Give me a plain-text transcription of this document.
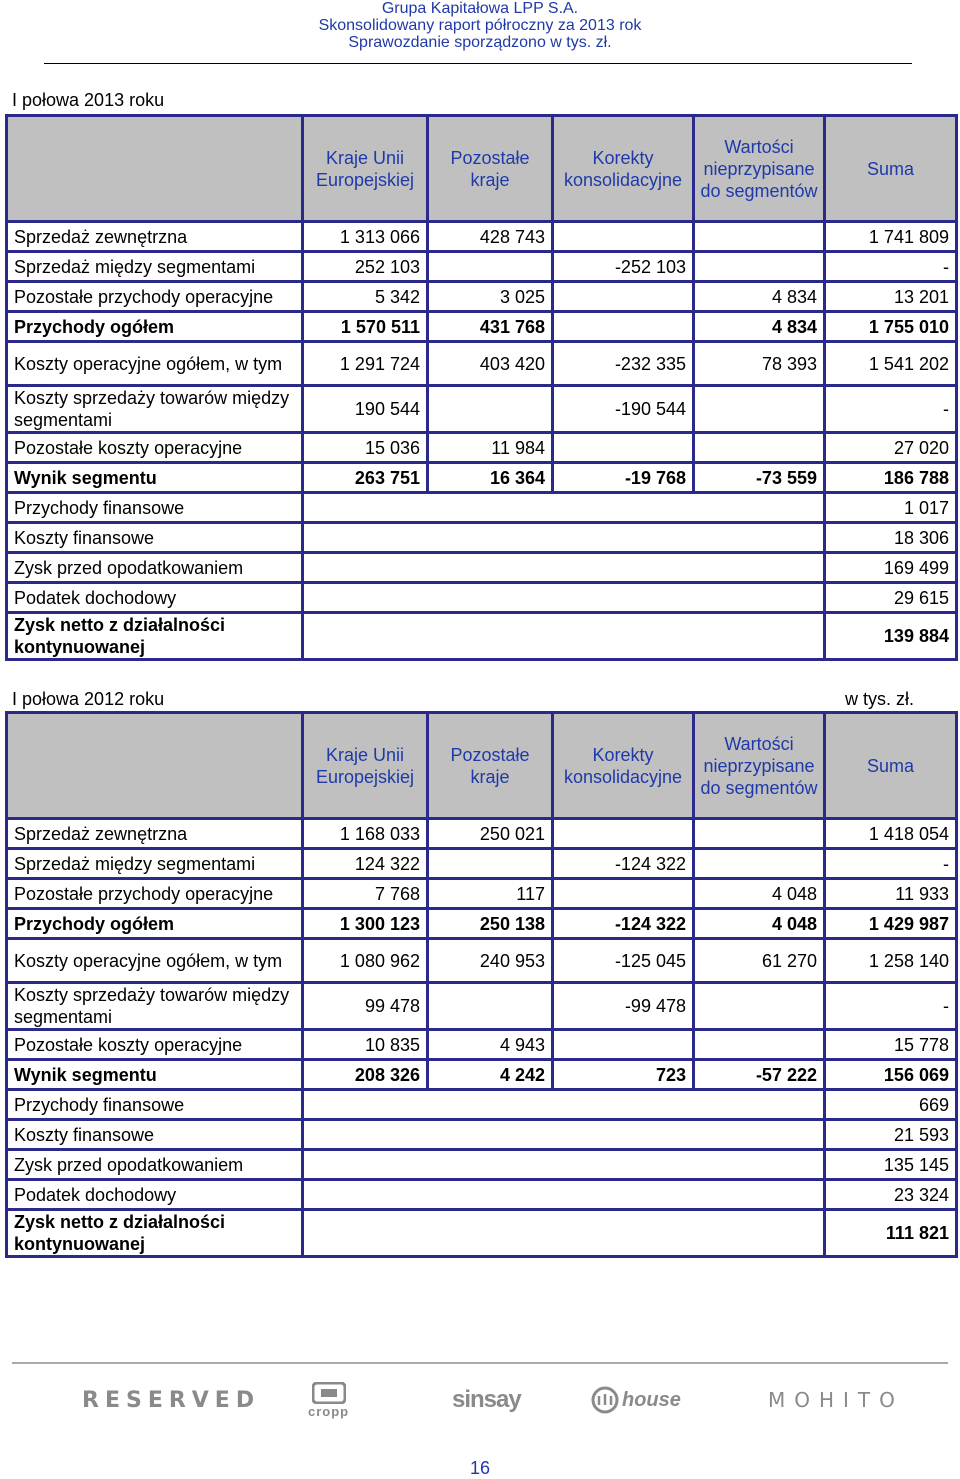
Grupa Kapitałowa LPP S.A.
Skonsolidowany raport półroczny za 2013 rok
Sprawozdanie sporządzono w tys. zł.
I połowa 2013 roku
	Kraje Unii Europejskiej	Pozostałe kraje	Korekty konsolidacyjne	Wartości nieprzypisane do segmentów	Suma
Sprzedaż zewnętrzna	1 313 066	428 743			1 741 809
Sprzedaż między segmentami	252 103		-252 103		-
Pozostałe przychody operacyjne	5 342	3 025		4 834	13 201
Przychody ogółem	1 570 511	431 768		4 834	1 755 010
Koszty operacyjne ogółem, w tym	1 291 724	403 420	-232 335	78 393	1 541 202
Koszty sprzedaży towarów między segmentami	190 544		-190 544		-
Pozostałe koszty operacyjne	15 036	11 984			27 020
Wynik segmentu	263 751	16 364	-19 768	-73 559	186 788
Przychody finansowe					1 017
Koszty finansowe					18 306
Zysk przed opodatkowaniem					169 499
Podatek dochodowy					29 615
Zysk netto z działalności kontynuowanej					139 884
I połowa 2012 roku	w tys. zł.
	Kraje Unii Europejskiej	Pozostałe kraje	Korekty konsolidacyjne	Wartości nieprzypisane do segmentów	Suma
Sprzedaż zewnętrzna	1 168 033	250 021			1 418 054
Sprzedaż między segmentami	124 322		-124 322		-
Pozostałe przychody operacyjne	7 768	117		4 048	11 933
Przychody ogółem	1 300 123	250 138	-124 322	4 048	1 429 987
Koszty operacyjne ogółem, w tym	1 080 962	240 953	-125 045	61 270	1 258 140
Koszty sprzedaży towarów między segmentami	99 478		-99 478		-
Pozostałe koszty operacyjne	10 835	4 943			15 778
Wynik segmentu	208 326	4 242	723	-57 222	156 069
Przychody finansowe					669
Koszty finansowe					21 593
Zysk przed opodatkowaniem					135 145
Podatek dochodowy					23 324
Zysk netto z działalności kontynuowanej					111 821
RESERVED	cropp	sinsay	house	MOHITO
16
